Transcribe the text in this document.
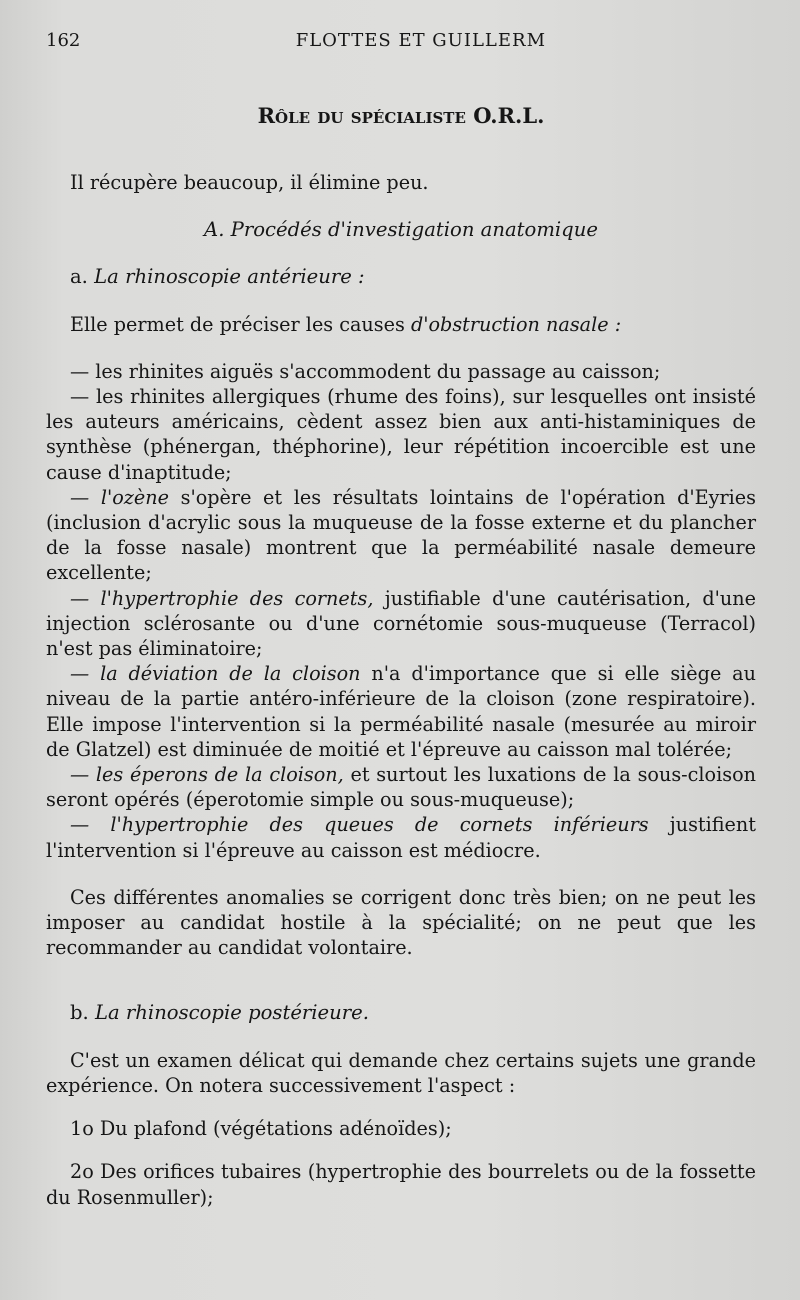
162	FLOTTES ET GUILLERM
Rôle du spécialiste O.R.L.

Il récupère beaucoup, il élimine peu.

A. Procédés d'investigation anatomique

a. La rhinoscopie antérieure :

Elle permet de préciser les causes d'obstruction nasale :

— les rhinites aiguës s'accommodent du passage au caisson;

— les rhinites allergiques (rhume des foins), sur lesquelles ont insisté les auteurs américains, cèdent assez bien aux anti-histaminiques de synthèse (phénergan, théphorine), leur répétition incoercible est une cause d'inaptitude;

— l'ozène s'opère et les résultats lointains de l'opération d'Eyries (inclusion d'acrylic sous la muqueuse de la fosse externe et du plancher de la fosse nasale) montrent que la perméabilité nasale demeure excellente;

— l'hypertrophie des cornets, justifiable d'une cautérisation, d'une injection sclérosante ou d'une cornétomie sous-muqueuse (Terracol) n'est pas éliminatoire;

— la déviation de la cloison n'a d'importance que si elle siège au niveau de la partie antéro-inférieure de la cloison (zone respiratoire). Elle impose l'intervention si la perméabilité nasale (mesurée au miroir de Glatzel) est diminuée de moitié et l'épreuve au caisson mal tolérée;

— les éperons de la cloison, et surtout les luxations de la sous-cloison seront opérés (éperotomie simple ou sous-muqueuse);

— l'hypertrophie des queues de cornets inférieurs justifient l'intervention si l'épreuve au caisson est médiocre.

Ces différentes anomalies se corrigent donc très bien; on ne peut les imposer au candidat hostile à la spécialité; on ne peut que les recommander au candidat volontaire.

b. La rhinoscopie postérieure.

C'est un examen délicat qui demande chez certains sujets une grande expérience. On notera successivement l'aspect :

1o Du plafond (végétations adénoïdes);

2o Des orifices tubaires (hypertrophie des bourrelets ou de la fossette du Rosenmuller);
